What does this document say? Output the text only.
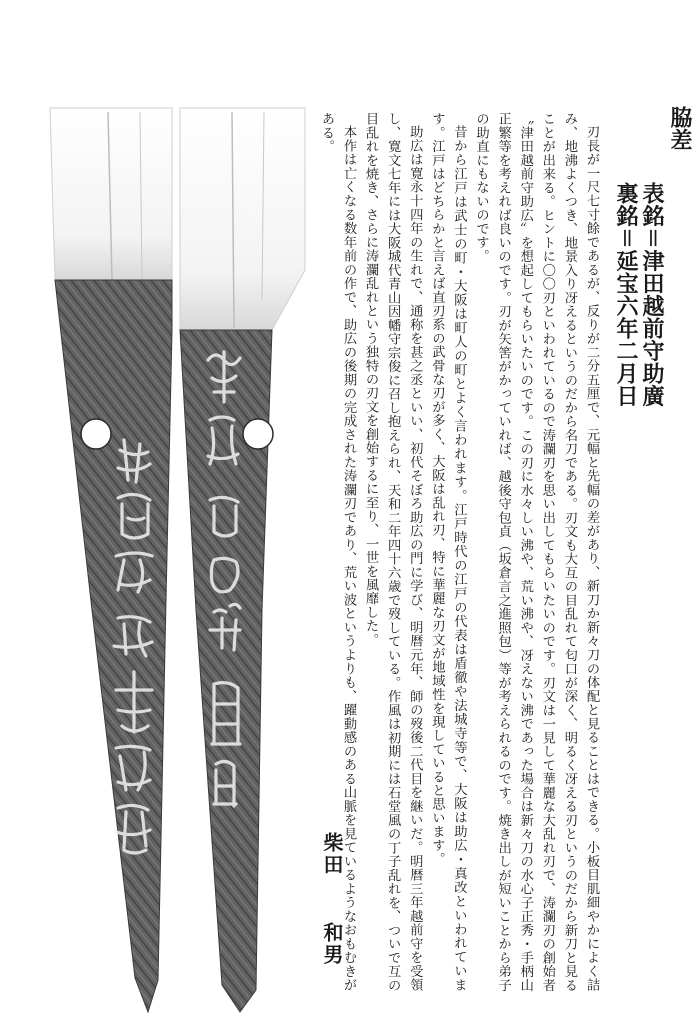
脇差
表銘＝津田越前守助廣
裏銘＝延宝六年二月日

刃長が一尺七寸餘であるが、反りが二分五厘で、元幅と先幅の差があり、新刀か新々刀の体配と見ることはできる。小板目肌細やかによく詰み、地沸よくつき、地景入り冴えるというのだから名刀である。刃文も大互の目乱れて匂口が深く、明るく冴える刃というのだから新刀と見ることが出来る。ヒントに〇〇刃といわれているので涛瀾刃を思い出してもらいたいのです。刃文は一見して華麗な大乱れ刃で、涛瀾刃の創始者〝津田越前守助広〟を想起してもらいたいのです。この刃に水々しい沸や、荒い沸や、冴えない沸であった場合は新々刀の水心子正秀・手柄山正繁等を考えれば良いのです。刃が矢筈がかっていれば、越後守包貞（坂倉言之進照包）等が考えられるのです。焼き出しが短いことから弟子の助直にもないのです。

昔から江戸は武士の町・大阪は町人の町とよく言われます。江戸時代の江戸の代表は盾徹や法城寺等で、大阪は助広・真改といわれています。江戸はどちらかと言えば直刃系の武骨な刃が多く、大阪は乱れ刃、特に華麗な刃文が地域性を現していると思います。

助広は寛永十四年の生れで、通称を甚之丞といい、初代そぼろ助広の門に学び、明暦元年、師の歿後二代目を継いだ。明暦三年越前守を受領し、寛文七年には大阪城代青山因幡守宗俊に召し抱えられ、天和二年四十六歳で歿している。作風は初期には石堂風の丁子乱れを、ついで互の目乱れを焼き、さらに涛瀾乱れという独特の刃文を創始するに至り、一世を風靡した。

本作は亡くなる数年前の作で、助広の後期の完成された涛瀾刃であり、荒い波というよりも、躍動感のある山脈を見ているようなおもむきがある。

柴田和男
